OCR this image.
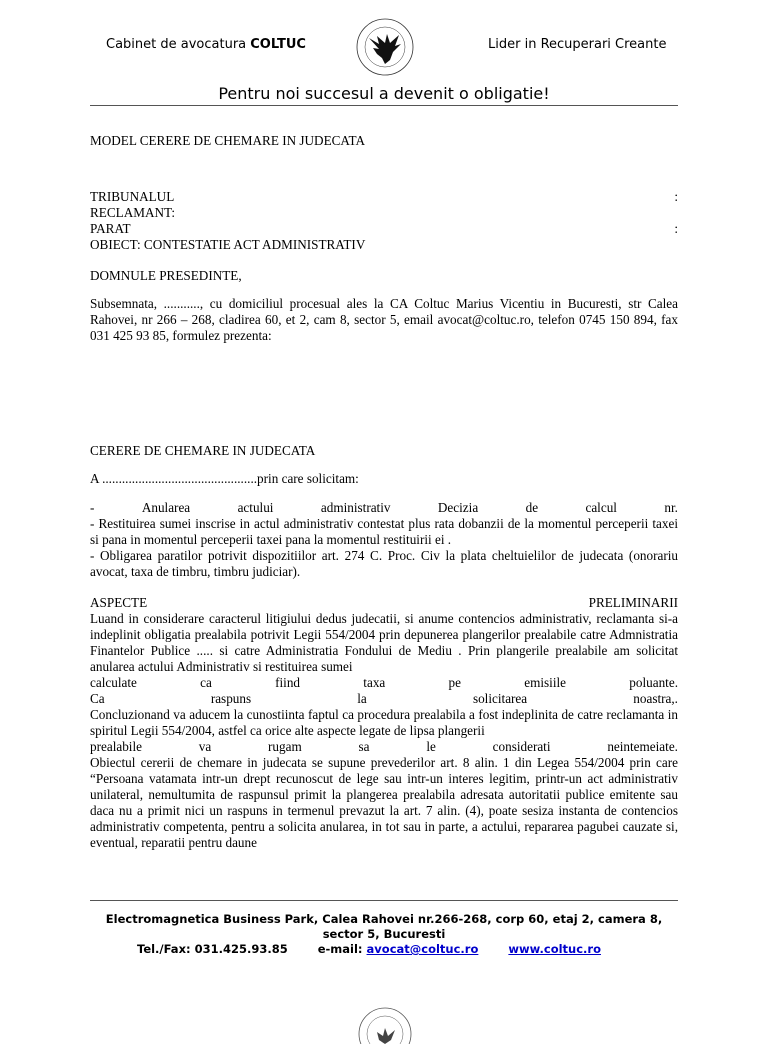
Cabinet de avocatura COLTUC	Lider in Recuperari Creante
Pentru noi succesul a devenit o obligatie!
MODEL CERERE DE CHEMARE IN JUDECATA
TRIBUNALUL	:
RECLAMANT:
PARAT	:
OBIECT: CONTESTATIE ACT ADMINISTRATIV
DOMNULE PRESEDINTE,
Subsemnata, ..........., cu domiciliul procesual ales la CA Coltuc Marius Vicentiu in Bucuresti, str Calea Rahovei, nr 266 – 268, cladirea 60, et 2, cam 8, sector 5, email avocat@coltuc.ro, telefon 0745 150 894, fax 031 425 93 85, formulez prezenta:
CERERE DE CHEMARE IN JUDECATA
A ...............................................prin care solicitam:
-	Anularea	actului	administrativ	Decizia	de	calcul	nr.
- Restituirea sumei inscrise in actul administrativ contestat plus rata dobanzii de la momentul perceperii taxei si pana in momentul perceperii taxei pana la momentul restituirii ei .
- Obligarea paratilor potrivit dispozitiilor art. 274 C. Proc. Civ la plata cheltuielilor de judecata (onorariu avocat, taxa de timbru, timbru judiciar).
ASPECTE	PRELIMINARII
Luand in considerare caracterul litigiului dedus judecatii, si anume contencios administrativ, reclamanta si-a indeplinit obligatia prealabila potrivit Legii 554/2004 prin depunerea plangerilor prealabile catre Admnistratia Finantelor Publice ..... si catre Administratia Fondului de Mediu . Prin plangerile prealabile am solicitat anularea actului Administrativ si restituirea sumei
calculate	ca	fiind	taxa	pe	emisiile	poluante.
Ca	raspuns	la	solicitarea	noastra,.
Concluzionand va aducem la cunostiinta faptul ca procedura prealabila a fost indeplinita de catre reclamanta in spiritul Legii 554/2004, astfel ca orice alte aspecte legate de lipsa plangerii
prealabile	va	rugam	sa	le	considerati	neintemeiate.
Obiectul cererii de chemare in judecata se supune prevederilor art. 8 alin. 1 din Legea 554/2004 prin care “Persoana vatamata intr-un drept recunoscut de lege sau intr-un interes legitim, printr-un act administrativ unilateral, nemultumita de raspunsul primit la plangerea prealabila adresata autoritatii publice emitente sau daca nu a primit nici un raspuns in termenul prevazut la art. 7 alin. (4), poate sesiza instanta de contencios administrativ competenta, pentru a solicita anularea, in tot sau in parte, a actului, repararea pagubei cauzate si, eventual, reparatii pentru daune
Electromagnetica Business Park, Calea Rahovei nr.266-268, corp 60, etaj 2, camera 8,
sector 5, Bucuresti
Tel./Fax: 031.425.93.85	e-mail: avocat@coltuc.ro	www.coltuc.ro
